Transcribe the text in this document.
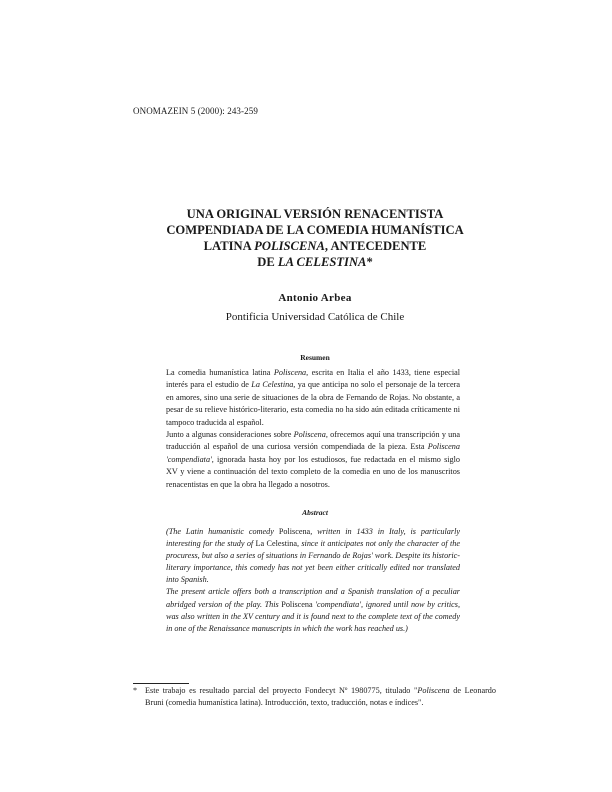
ONOMAZEIN 5 (2000): 243-259
UNA ORIGINAL VERSIÓN RENACENTISTA
COMPENDIADA DE LA COMEDIA HUMANÍSTICA
LATINA POLISCENA, ANTECEDENTE
DE LA CELESTINA*
Antonio Arbea
Pontificia Universidad Católica de Chile
Resumen

La comedia humanística latina Poliscena, escrita en Italia el año 1433, tiene especial interés para el estudio de La Celestina, ya que anticipa no solo el personaje de la tercera en amores, sino una serie de situaciones de la obra de Fernando de Rojas. No obstante, a pesar de su relieve histórico-literario, esta comedia no ha sido aún editada críticamente ni tampoco traducida al español.

Junto a algunas consideraciones sobre Poliscena, ofrecemos aquí una transcripción y una traducción al español de una curiosa versión compendiada de la pieza. Esta Poliscena 'compendiata', ignorada hasta hoy por los estudiosos, fue redactada en el mismo siglo XV y viene a continuación del texto completo de la comedia en uno de los manuscritos renacentistas en que la obra ha llegado a nosotros.

Abstract

(The Latin humanistic comedy Poliscena, written in 1433 in Italy, is particularly interesting for the study of La Celestina, since it anticipates not only the character of the procuress, but also a series of situations in Fernando de Rojas' work. Despite its historic-literary importance, this comedy has not yet been either critically edited nor translated into Spanish.

The present article offers both a transcription and a Spanish translation of a peculiar abridged version of the play. This Poliscena 'compendiata', ignored until now by critics, was also written in the XV century and it is found next to the complete text of the comedy in one of the Renaissance manuscripts in which the work has reached us.)

* Este trabajo es resultado parcial del proyecto Fondecyt Nº 1980775, titulado "Poliscena de Leonardo Bruni (comedia humanística latina). Introducción, texto, traducción, notas e índices".
